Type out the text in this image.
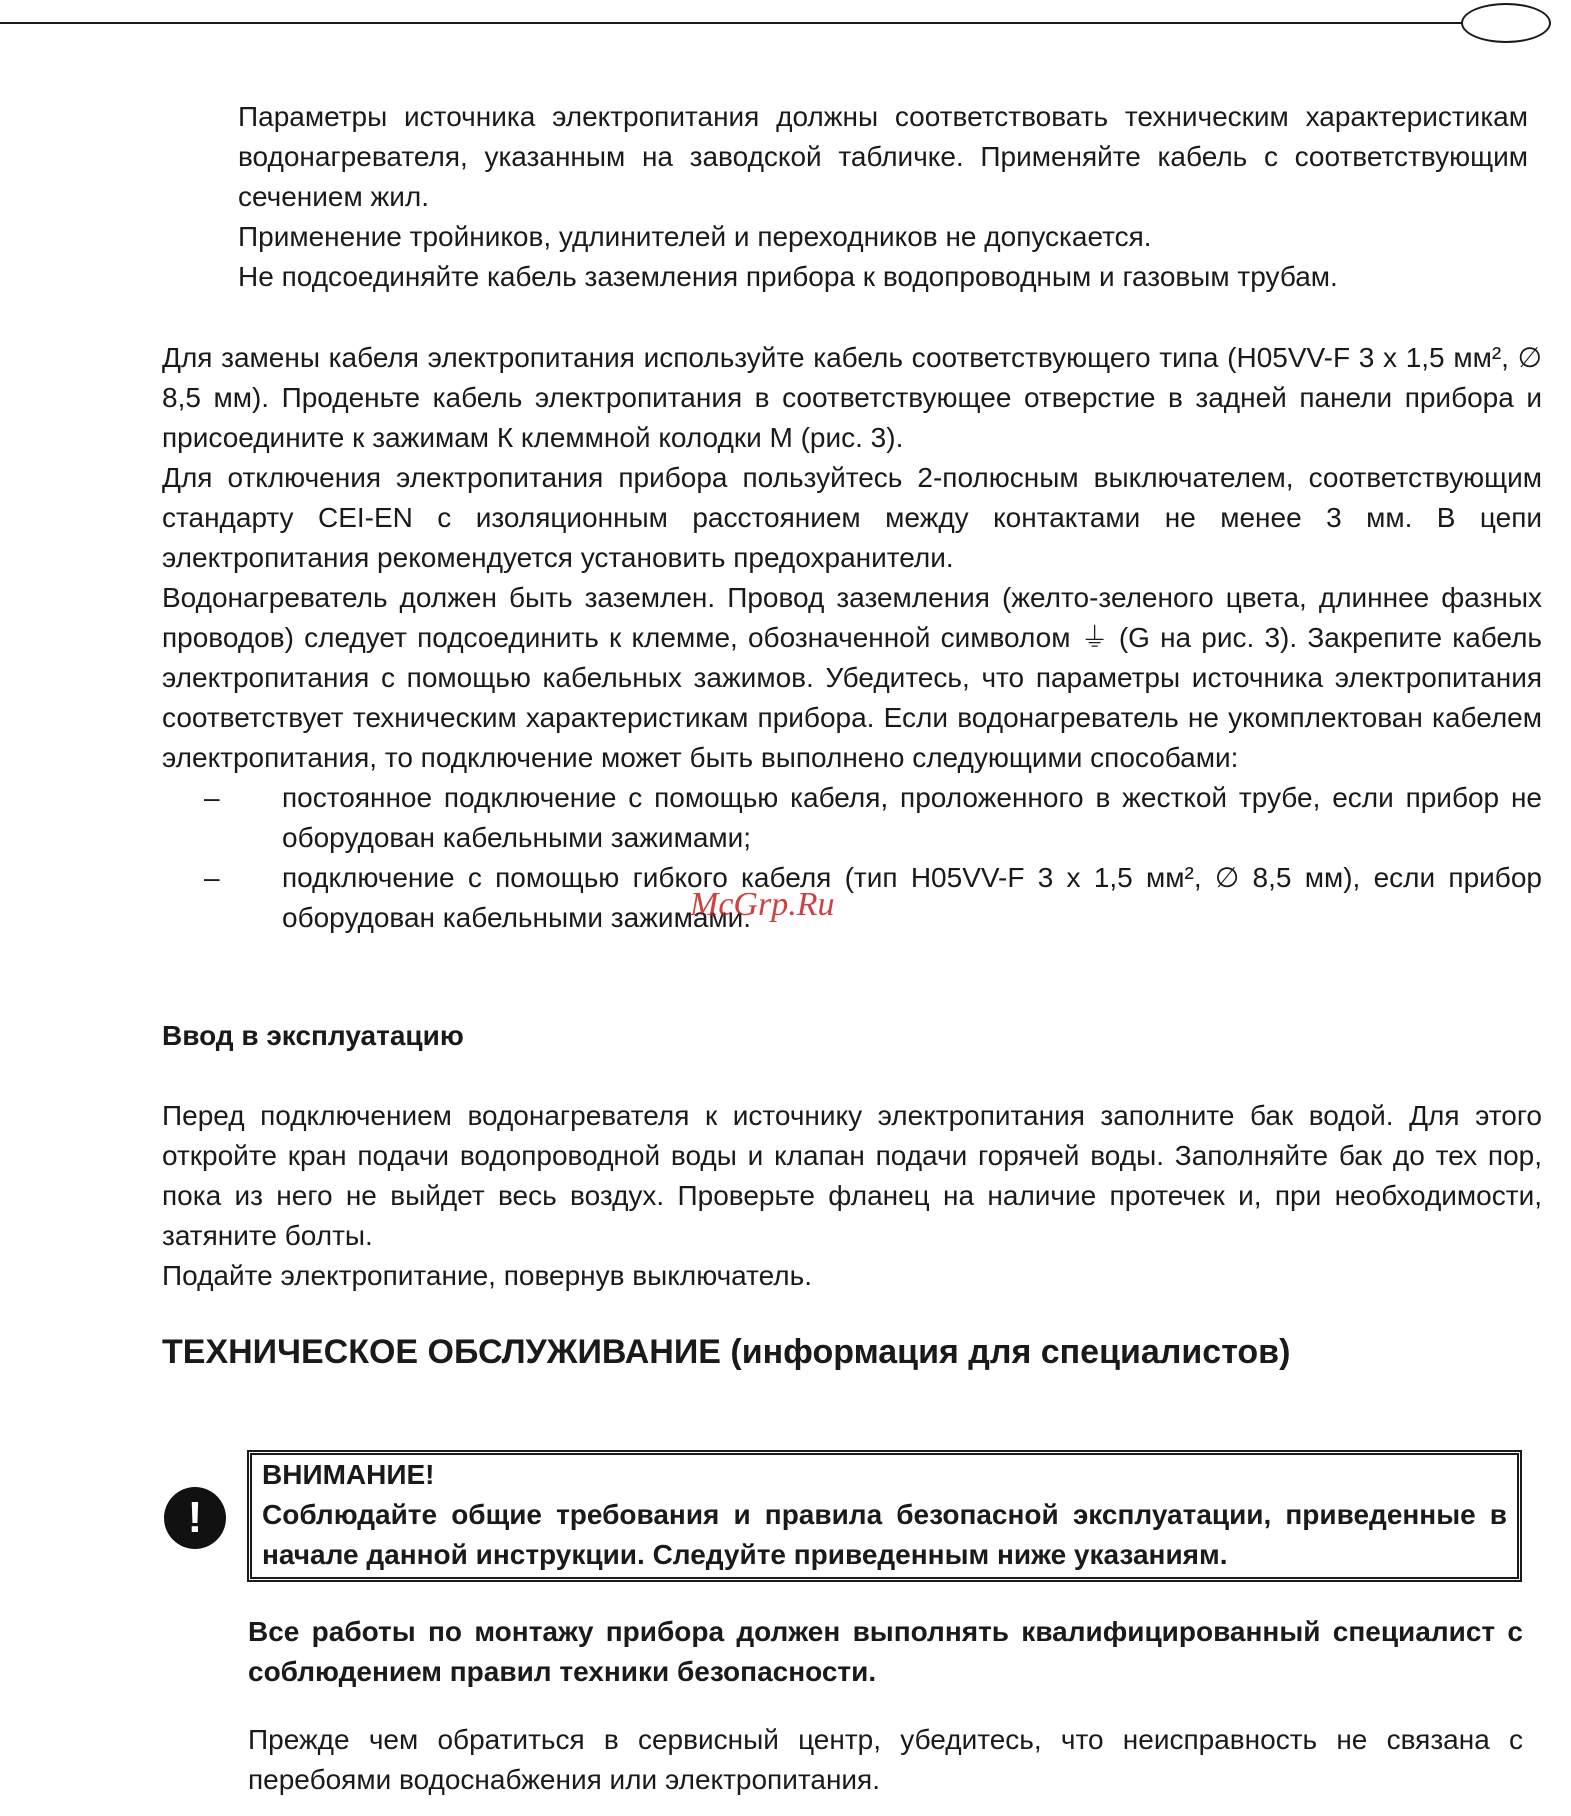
Параметры источника электропитания должны соответствовать техническим характеристикам водонагревателя, указанным на заводской табличке. Применяйте кабель с соответствующим сечением жил.

Применение тройников, удлинителей и переходников не допускается.

Не подсоединяйте кабель заземления прибора к водопроводным и газовым трубам.

Для замены кабеля электропитания используйте кабель соответствующего типа (H05VV-F 3 x 1,5 мм², ∅ 8,5 мм). Проденьте кабель электропитания в соответствующее отверстие в задней панели прибора и присоедините к зажимам К клеммной колодки М (рис. 3).

Для отключения электропитания прибора пользуйтесь 2-полюсным выключателем, соответствующим стандарту CEI-EN с изоляционным расстоянием между контактами не менее 3 мм. В цепи электропитания рекомендуется установить предохранители.

Водонагреватель должен быть заземлен. Провод заземления (желто-зеленого цвета, длиннее фазных проводов) следует подсоединить к клемме, обозначенной символом ⏚ (G на рис. 3). Закрепите кабель электропитания с помощью кабельных зажимов. Убедитесь, что параметры источника электропитания соответствует техническим характеристикам прибора. Если водонагреватель не укомплектован кабелем электропитания, то подключение может быть выполнено следующими способами:

–	постоянное подключение с помощью кабеля, проложенного в жесткой трубе, если прибор не оборудован кабельными зажимами;
–	подключение с помощью гибкого кабеля (тип H05VV-F 3 x 1,5 мм², ∅ 8,5 мм), если прибор оборудован кабельными зажимами.
McGrp.Ru
Ввод в эксплуатацию

Перед подключением водонагревателя к источнику электропитания заполните бак водой. Для этого откройте кран подачи водопроводной воды и клапан подачи горячей воды. Заполняйте бак до тех пор, пока из него не выйдет весь воздух. Проверьте фланец на наличие протечек и, при необходимости, затяните болты.

Подайте электропитание, повернув выключатель.

ТЕХНИЧЕСКОЕ ОБСЛУЖИВАНИЕ (информация для специалистов)
!

ВНИМАНИЕ!

Соблюдайте общие требования и правила безопасной эксплуатации, приведенные в начале данной инструкции. Следуйте приведенным ниже указаниям.

Все работы по монтажу прибора должен выполнять квалифицированный специалист с соблюдением правил техники безопасности.

Прежде чем обратиться в сервисный центр, убедитесь, что неисправность не связана с перебоями водоснабжения или электропитания.
